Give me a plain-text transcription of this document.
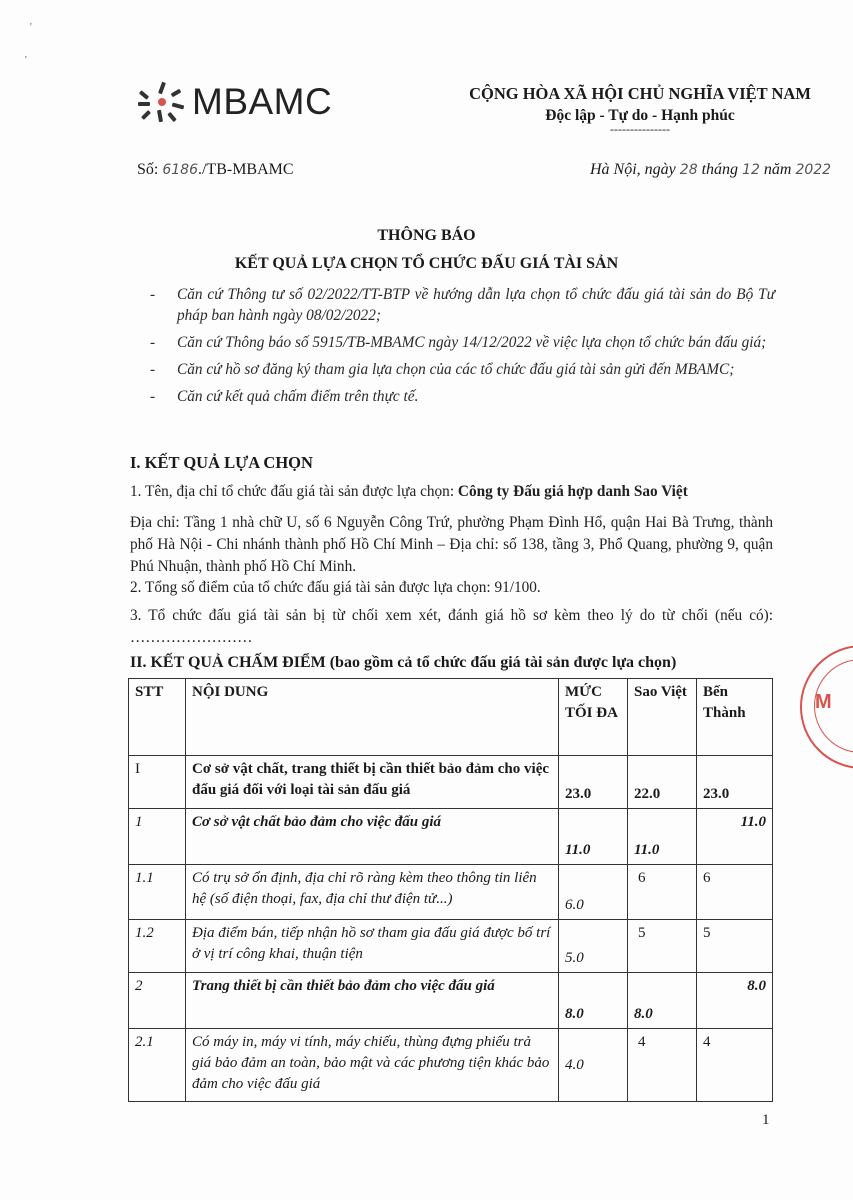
'
'
MBAMC	CỘNG HÒA XÃ HỘI CHỦ NGHĨA VIỆT NAM
Độc lập - Tự do - Hạnh phúc
---------------
Số: 6186./TB-MBAMC	Hà Nội, ngày 28 tháng 12 năm 2022
THÔNG BÁO
KẾT QUẢ LỰA CHỌN TỔ CHỨC ĐẤU GIÁ TÀI SẢN
- Căn cứ Thông tư số 02/2022/TT-BTP về hướng dẫn lựa chọn tổ chức đấu giá tài sản do Bộ Tư pháp ban hành ngày 08/02/2022;
- Căn cứ Thông báo số 5915/TB-MBAMC ngày 14/12/2022 về việc lựa chọn tổ chức bán đấu giá;
- Căn cứ hồ sơ đăng ký tham gia lựa chọn của các tổ chức đấu giá tài sản gửi đến MBAMC;
- Căn cứ kết quả chấm điểm trên thực tế.
I. KẾT QUẢ LỰA CHỌN
1. Tên, địa chỉ tổ chức đấu giá tài sản được lựa chọn: Công ty Đấu giá hợp danh Sao Việt
Địa chỉ: Tầng 1 nhà chữ U, số 6 Nguyễn Công Trứ, phường Phạm Đình Hổ, quận Hai Bà Trưng, thành phố Hà Nội - Chi nhánh thành phố Hồ Chí Minh – Địa chỉ: số 138, tầng 3, Phổ Quang, phường 9, quận Phú Nhuận, thành phố Hồ Chí Minh.
2. Tổng số điểm của tổ chức đấu giá tài sản được lựa chọn: 91/100.
3. Tổ chức đấu giá tài sản bị từ chối xem xét, đánh giá hồ sơ kèm theo lý do từ chối (nếu có): ……………………
II. KẾT QUẢ CHẤM ĐIỂM (bao gồm cả tổ chức đấu giá tài sản được lựa chọn)
STT	NỘI DUNG	MỨC TỐI ĐA	Sao Việt	Bến Thành
I	Cơ sở vật chất, trang thiết bị cần thiết bảo đảm cho việc đấu giá đối với loại tài sản đấu giá	23.0	22.0	23.0
1	Cơ sở vật chất bảo đảm cho việc đấu giá	11.0	11.0	11.0
1.1	Có trụ sở ổn định, địa chỉ rõ ràng kèm theo thông tin liên hệ (số điện thoại, fax, địa chỉ thư điện tử...)	6.0	6	6
1.2	Địa điểm bán, tiếp nhận hồ sơ tham gia đấu giá được bố trí ở vị trí công khai, thuận tiện	5.0	5	5
2	Trang thiết bị cần thiết bảo đảm cho việc đấu giá	8.0	8.0	8.0
2.1	Có máy in, máy vi tính, máy chiếu, thùng đựng phiếu trả giá bảo đảm an toàn, bảo mật và các phương tiện khác bảo đảm cho việc đấu giá	4.0	4	4
M
1
